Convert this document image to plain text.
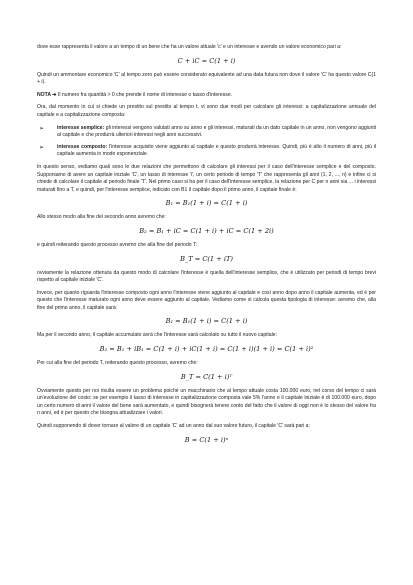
dove esse rappresenta il valore a un tempo di un bene che ha un valore attuale 'c' e un interesse e avendo un valore economico pari a:

C + iC = C(1 + i)

Quindi un ammontare economico 'C' al tempo zero può essere considerato equivalente ad una data futura non dove il valore 'C' ha questo valore C(1 + i).

NOTA ➔ Il numero fra quantità > 0 che prende il nome di interesse o tasso d'interesse.

Ora, dal momento in cui si chiede un prestito sul prestito al tempo t, vi sono due modi per calcolare gli interessi: a capitalizzazione annuale del capitale e a capitalizzazione composta:

➢	interesse semplice: gli interessi vengono valutati anno su anno e gli interessi, maturati da un dato capitale in un anno, non vengono aggiunti al capitale e che produrrà ulteriori interessi negli anni successivi.
➢	interesse composto: l'interesse acquisito viene aggiunto al capitale e questo produrrà interesse. Quindi, più è alto il numero di anni, più il capitale aumenta in modo esponenziale.

In questo senso, vediamo quali sono le due relazioni che permettono di calcolare gli interessi per il caso dell'interesse semplice e del composto. Supponiamo di avere un capitale iniziale 'C', un tasso di interesse 'i', un certo periodo di tempo 'T' che rappresenta gli anni (1, 2, ..., n) e infine ci si chiede di calcolare il capitale al periodo finale 'T'. Nel primo caso si ha per il caso dell'interesse semplice, la relazione per C per n anni sia ... i interessi maturati fino a T, e quindi, per l'interesse semplice, indicato con B1 il capitale dopo il primo anno, il capitale finale è:

B₁ = B₁(1 + i) = C(1 + i)

Allo stesso modo alla fine del secondo anno avremo che:

B₂ = B₁ + iC = C(1 + i) + iC = C(1 + 2i)

e quindi reiterando questo processo avremo che alla fine del periodo T:

B_T = C(1 + iT)

ovviamente la relazione ottenuta da questo modo di calcolare l'interesse è quella dell'interesse semplice, che è utilizzato per periodi di tempo brevi rispetto al capitale iniziale 'C'.

Invece, per quanto riguarda l'interesse composto ogni anno l'interesse viene aggiunto al capitale e così anno dopo anno il capitale aumenta, ed è per questo che l'interesse maturato ogni anno deve essere aggiunto al capitale. Vediamo come si calcola questa tipologia di interesse: avremo che, alla fine del primo anno, il capitale sarà:

B₁ = B₁(1 + i) = C(1 + i)

Ma per il secondo anno, il capitale accumulato avrà che l'interesse sarà calcolato su tutto il nuovo capitale:

B₂ = B₁ + iB₁ = C(1 + i) + iC(1 + i) = C(1 + i)(1 + i) = C(1 + i)²

Per cui alla fine del periodo T, reiterando questo processo, avremo che:

B_T = C(1 + i)ᵀ

Ovviamente questo per noi risulta essere un problema poiché un macchinario che al tempo attuale costa 100.000 euro, nel corso del tempo ci sarà un'evoluzione del costo: se per esempio il tasso di interesse in capitalizzazione composta vale 5% l'anno e il capitale iniziale è di 100.000 euro, dopo un certo numero di anni il valore del bene sarà aumentato, e quindi bisognerà tenere conto del fatto che il valore di oggi non è lo stesso del valore fra n anni, ed è per questo che bisogna attualizzare i valori.

Quindi supponendo di dover tornare al valore di un capitale 'C' ad un anno dal suo valore futuro, il capitale 'C' sarà pari a:

B = C(1 + i)ⁿ
